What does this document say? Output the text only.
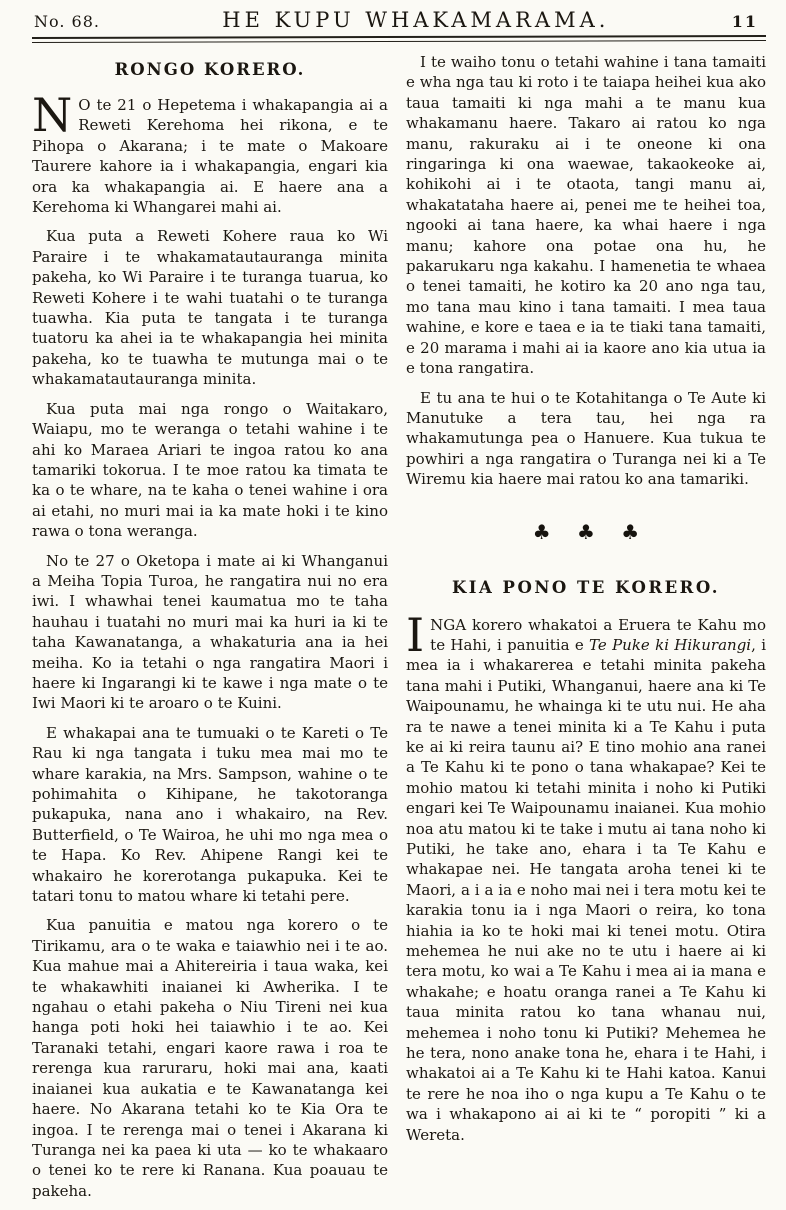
No. 68.	HE KUPU WHAKAMARAMA.	11
RONGO KORERO.

N O te 21 o Hepetema i whakapangia ai a Reweti Kerehoma hei rikona, e te Pihopa o Akarana; i te mate o Makoare Taurere kahore ia i whakapangia, engari kia ora ka whakapangia ai. E haere ana a Kerehoma ki Whangarei mahi ai.

Kua puta a Reweti Kohere raua ko Wi Paraire i te whakamatautauranga minita pakeha, ko Wi Paraire i te turanga tuarua, ko Reweti Kohere i te wahi tuatahi o te turanga tuawha. Kia puta te tangata i te turanga tuatoru ka ahei ia te whakapangia hei minita pakeha, ko te tuawha te mutunga mai o te whakamatautauranga minita.

Kua puta mai nga rongo o Waitakaro, Waiapu, mo te weranga o tetahi wahine i te ahi ko Maraea Ariari te ingoa ratou ko ana tamariki tokorua. I te moe ratou ka timata te ka o te whare, na te kaha o tenei wahine i ora ai etahi, no muri mai ia ka mate hoki i te kino rawa o tona weranga.

No te 27 o Oketopa i mate ai ki Whanganui a Meiha Topia Turoa, he rangatira nui no era iwi. I whawhai tenei kaumatua mo te taha hauhau i tuatahi no muri mai ka huri ia ki te taha Kawanatanga, a whakaturia ana ia hei meiha. Ko ia tetahi o nga rangatira Maori i haere ki Ingarangi ki te kawe i nga mate o te Iwi Maori ki te aroaro o te Kuini.

E whakapai ana te tumuaki o te Kareti o Te Rau ki nga tangata i tuku mea mai mo te whare karakia, na Mrs. Sampson, wahine o te pohimahita o Kihipane, he takotoranga pukapuka, nana ano i whakairo, na Rev. Butterfield, o Te Wairoa, he uhi mo nga mea o te Hapa. Ko Rev. Ahipene Rangi kei te whakairo he korerotanga pukapuka. Kei te tatari tonu to matou whare ki tetahi pere.

Kua panuitia e matou nga korero o te Tirikamu, ara o te waka e taiawhio nei i te ao. Kua mahue mai a Ahitereiria i taua waka, kei te whakawhiti inaianei ki Awherika. I te ngahau o etahi pakeha o Niu Tireni nei kua hanga poti hoki hei taiawhio i te ao. Kei Taranaki tetahi, engari kaore rawa i roa te rerenga kua raruraru, hoki mai ana, kaati inaianei kua aukatia e te Kawanatanga kei haere. No Akarana tetahi ko te Kia Ora te ingoa. I te rerenga mai o tenei i Akarana ki Turanga nei ka paea ki uta — ko te whakaaro o tenei ko te rere ki Ranana. Kua poauau te pakeha.

I te waiho tonu o tetahi wahine i tana tamaiti e wha nga tau ki roto i te taiapa heihei kua ako taua tamaiti ki nga mahi a te manu kua whakamanu haere. Takaro ai ratou ko nga manu, rakuraku ai i te oneone ki ona ringaringa ki ona waewae, takaokeoke ai, kohikohi ai i te otaota, tangi manu ai, whakatataha haere ai, penei me te heihei toa, ngooki ai tana haere, ka whai haere i nga manu; kahore ona potae ona hu, he pakarukaru nga kakahu. I hamenetia te whaea o tenei tamaiti, he kotiro ka 20 ano nga tau, mo tana mau kino i tana tamaiti. I mea taua wahine, e kore e taea e ia te tiaki tana tamaiti, e 20 marama i mahi ai ia kaore ano kia utua ia e tona rangatira.

E tu ana te hui o te Kotahitanga o Te Aute ki Manutuke a tera tau, hei nga ra whakamutunga pea o Hanuere. Kua tukua te powhiri a nga rangatira o Turanga nei ki a Te Wiremu kia haere mai ratou ko ana tamariki.

♣ ♣ ♣
KIA PONO TE KORERO.

INGA korero whakatoi a Eruera te Kahu mo te Hahi, i panuitia e Te Puke ki Hikurangi, i mea ia i whakarerea e tetahi minita pakeha tana mahi i Putiki, Whanganui, haere ana ki Te Waipounamu, he whainga ki te utu nui. He aha ra te nawe a tenei minita ki a Te Kahu i puta ke ai ki reira taunu ai? E tino mohio ana ranei a Te Kahu ki te pono o tana whakapae? Kei te mohio matou ki tetahi minita i noho ki Putiki engari kei Te Waipounamu inaianei. Kua mohio noa atu matou ki te take i mutu ai tana noho ki Putiki, he take ano, ehara i ta Te Kahu e whakapae nei. He tangata aroha tenei ki te Maori, a i a ia e noho mai nei i tera motu kei te karakia tonu ia i nga Maori o reira, ko tona hiahia ia ko te hoki mai ki tenei motu. Otira mehemea he nui ake no te utu i haere ai ki tera motu, ko wai a Te Kahu i mea ai ia mana e whakahe; e hoatu oranga ranei a Te Kahu ki taua minita ratou ko tana whanau nui, mehemea i noho tonu ki Putiki? Mehemea he he tera, nono anake tona he, ehara i te Hahi, i whakatoi ai a Te Kahu ki te Hahi katoa. Kanui te rere he noa iho o nga kupu a Te Kahu o te wa i whakapono ai ai ki te “ poropiti ” ki a Wereta.
